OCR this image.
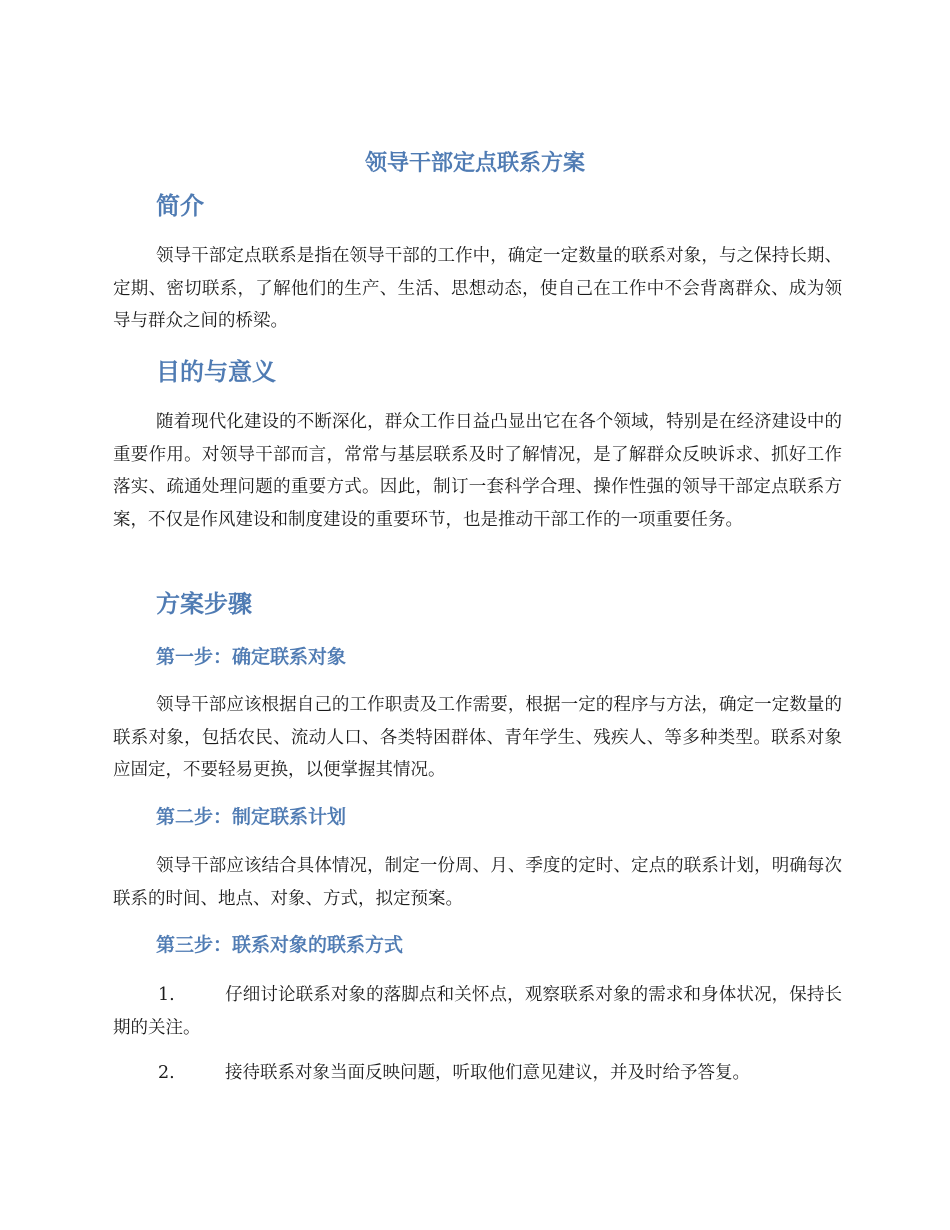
领导干部定点联系方案
简介

领导干部定点联系是指在领导干部的工作中，确定一定数量的联系对象，与之保持长期、定期、密切联系，了解他们的生产、生活、思想动态，使自己在工作中不会背离群众、成为领导与群众之间的桥梁。

目的与意义

随着现代化建设的不断深化，群众工作日益凸显出它在各个领域，特别是在经济建设中的重要作用。对领导干部而言，常常与基层联系及时了解情况，是了解群众反映诉求、抓好工作落实、疏通处理问题的重要方式。因此，制订一套科学合理、操作性强的领导干部定点联系方案，不仅是作风建设和制度建设的重要环节，也是推动干部工作的一项重要任务。

方案步骤
第一步：确定联系对象

领导干部应该根据自己的工作职责及工作需要，根据一定的程序与方法，确定一定数量的联系对象，包括农民、流动人口、各类特困群体、青年学生、残疾人、等多种类型。联系对象应固定，不要轻易更换，以便掌握其情况。

第二步：制定联系计划

领导干部应该结合具体情况，制定一份周、月、季度的定时、定点的联系计划，明确每次联系的时间、地点、对象、方式，拟定预案。

第三步：联系对象的联系方式

1.	仔细讨论联系对象的落脚点和关怀点，观察联系对象的需求和身体状况，保持长期的关注。

2.	接待联系对象当面反映问题，听取他们意见建议，并及时给予答复。
